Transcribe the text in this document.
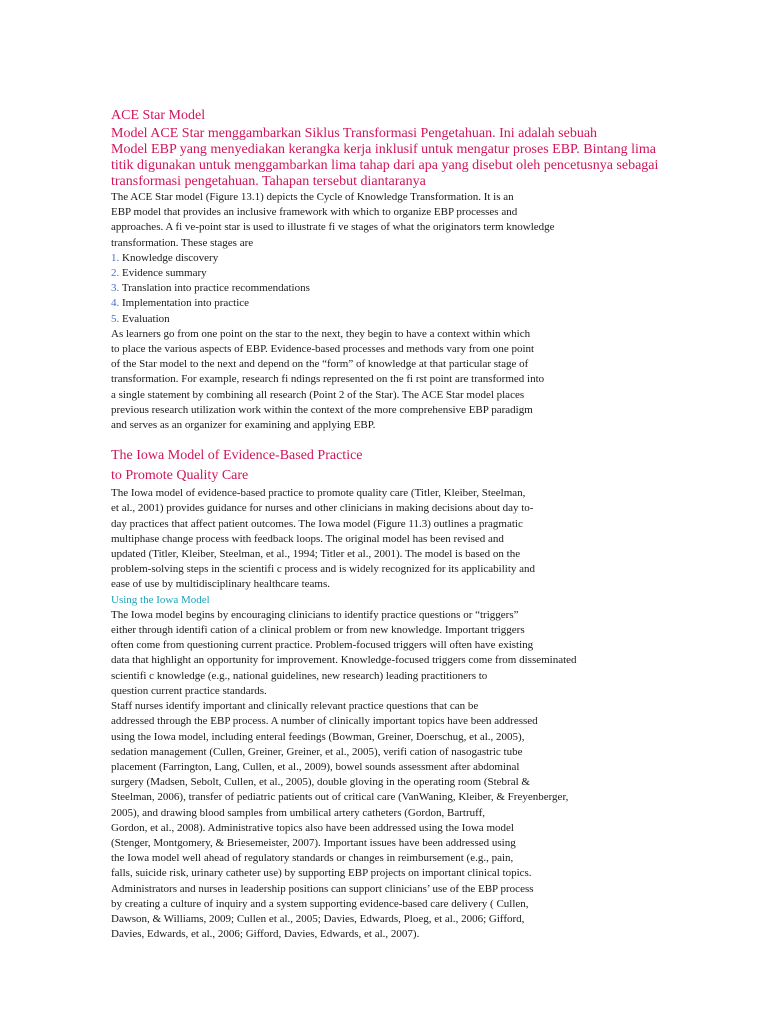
ACE Star Model
Model ACE Star menggambarkan Siklus Transformasi Pengetahuan. Ini adalah sebuah
Model EBP yang menyediakan kerangka kerja inklusif untuk mengatur proses EBP. Bintang lima
titik digunakan untuk menggambarkan lima tahap dari apa yang disebut oleh pencetusnya sebagai
transformasi pengetahuan. Tahapan tersebut diantaranya
The ACE Star model (Figure 13.1) depicts the Cycle of Knowledge Transformation. It is an
EBP model that provides an inclusive framework with which to organize EBP processes and
approaches. A fi ve-point star is used to illustrate fi ve stages of what the originators term knowledge
transformation. These stages are
1. Knowledge discovery
2. Evidence summary
3. Translation into practice recommendations
4. Implementation into practice
5. Evaluation
As learners go from one point on the star to the next, they begin to have a context within which
to place the various aspects of EBP. Evidence-based processes and methods vary from one point
of the Star model to the next and depend on the “form” of knowledge at that particular stage of
transformation. For example, research fi ndings represented on the fi rst point are transformed into
a single statement by combining all research (Point 2 of the Star). The ACE Star model places
previous research utilization work within the context of the more comprehensive EBP paradigm
and serves as an organizer for examining and applying EBP.
The Iowa Model of Evidence-Based Practice
to Promote Quality Care
The Iowa model of evidence-based practice to promote quality care (Titler, Kleiber, Steelman,
et al., 2001) provides guidance for nurses and other clinicians in making decisions about day to-
day practices that affect patient outcomes. The Iowa model (Figure 11.3) outlines a pragmatic
multiphase change process with feedback loops. The original model has been revised and
updated (Titler, Kleiber, Steelman, et al., 1994; Titler et al., 2001). The model is based on the
problem-solving steps in the scientifi c process and is widely recognized for its applicability and
ease of use by multidisciplinary healthcare teams.
Using the Iowa Model
The Iowa model begins by encouraging clinicians to identify practice questions or “triggers”
either through identifi cation of a clinical problem or from new knowledge. Important triggers
often come from questioning current practice. Problem-focused triggers will often have existing
data that highlight an opportunity for improvement. Knowledge-focused triggers come from disseminated
scientifi c knowledge (e.g., national guidelines, new research) leading practitioners to
question current practice standards.
Staff nurses identify important and clinically relevant practice questions that can be
addressed through the EBP process. A number of clinically important topics have been addressed
using the Iowa model, including enteral feedings (Bowman, Greiner, Doerschug, et al., 2005),
sedation management (Cullen, Greiner, Greiner, et al., 2005), verifi cation of nasogastric tube
placement (Farrington, Lang, Cullen, et al., 2009), bowel sounds assessment after abdominal
surgery (Madsen, Sebolt, Cullen, et al., 2005), double gloving in the operating room (Stebral &
Steelman, 2006), transfer of pediatric patients out of critical care (VanWaning, Kleiber, & Freyenberger,
2005), and drawing blood samples from umbilical artery catheters (Gordon, Bartruff,
Gordon, et al., 2008). Administrative topics also have been addressed using the Iowa model
(Stenger, Montgomery, & Briesemeister, 2007). Important issues have been addressed using
the Iowa model well ahead of regulatory standards or changes in reimbursement (e.g., pain,
falls, suicide risk, urinary catheter use) by supporting EBP projects on important clinical topics.
Administrators and nurses in leadership positions can support clinicians’ use of the EBP process
by creating a culture of inquiry and a system supporting evidence-based care delivery ( Cullen,
Dawson, & Williams, 2009; Cullen et al., 2005; Davies, Edwards, Ploeg, et al., 2006; Gifford,
Davies, Edwards, et al., 2006; Gifford, Davies, Edwards, et al., 2007).
